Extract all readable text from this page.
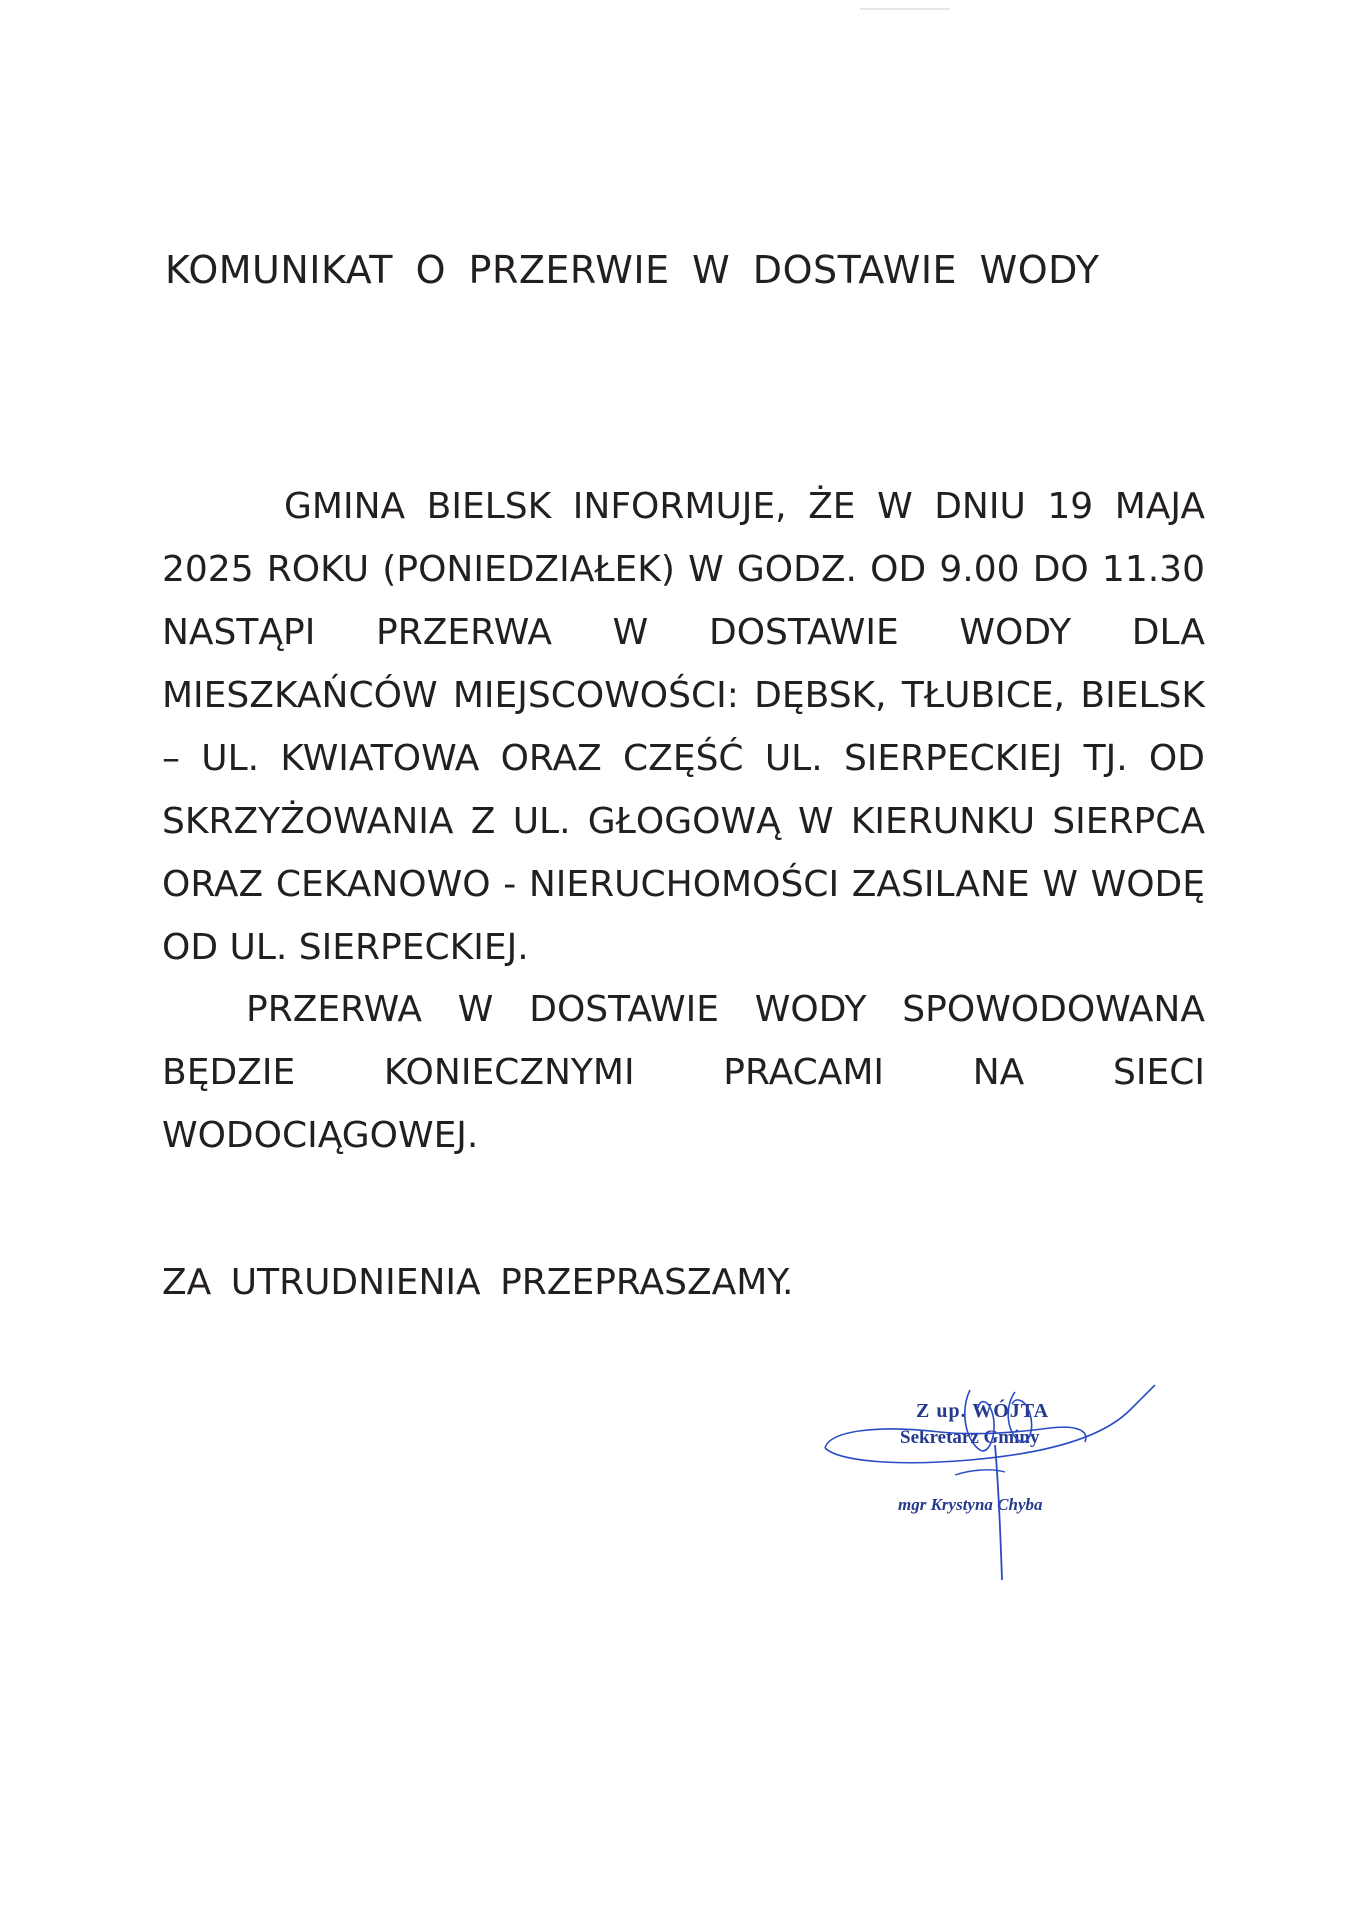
KOMUNIKAT O PRZERWIE W DOSTAWIE WODY

GMINA BIELSK INFORMUJE, ŻE W DNIU 19 MAJA 2025 ROKU (PONIEDZIAŁEK) W GODZ. OD 9.00 DO 11.30 NASTĄPI PRZERWA W DOSTAWIE WODY DLA MIESZKAŃCÓW MIEJSCOWOŚCI: DĘBSK, TŁUBICE, BIELSK – UL. KWIATOWA ORAZ CZĘŚĆ UL. SIERPECKIEJ TJ. OD SKRZYŻOWANIA Z UL. GŁOGOWĄ W KIERUNKU SIERPCA ORAZ CEKANOWO - NIERUCHOMOŚCI ZASILANE W WODĘ OD UL. SIERPECKIEJ.

PRZERWA W DOSTAWIE WODY SPOWODOWANA BĘDZIE KONIECZNYMI PRACAMI NA SIECI WODOCIĄGOWEJ.

ZA UTRUDNIENIA PRZEPRASZAMY.
Z up. WÓJTA
Sekretarz Gminy
mgr Krystyna Chyba
